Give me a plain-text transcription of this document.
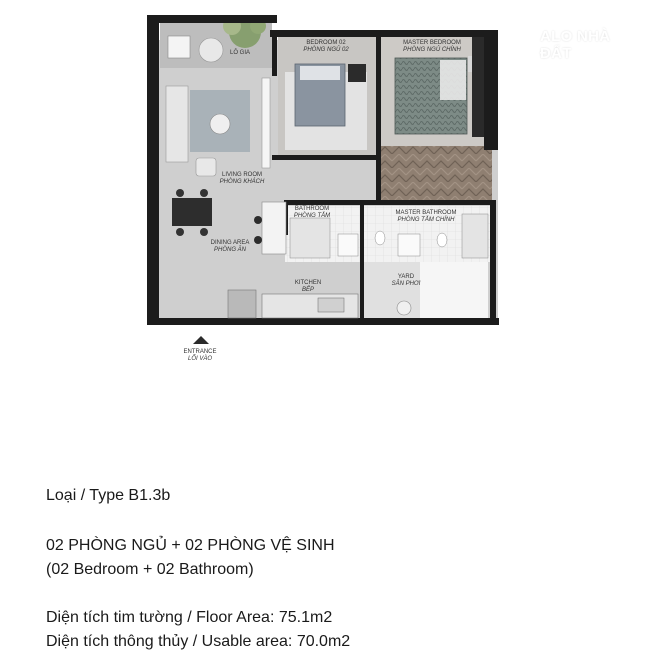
LÔ GIA
BEDROOM 02
PHÒNG NGỦ 02
MASTER BEDROOM
PHÒNG NGỦ CHÍNH
LIVING ROOM
PHÒNG KHÁCH
DINING AREA
PHÒNG ĂN
KITCHEN
BẾP
BATHROOM
PHÒNG TẮM	MASTER BATHROOM
PHÒNG TẮM CHÍNH
YARD
SÂN PHƠI
ENTRANCE
LỐI VÀO
ALO NHÀ ĐẤT	.com.vn
Loại / Type B1.3b
02 PHÒNG NGỦ + 02 PHÒNG VỆ SINH
(02 Bedroom + 02 Bathroom)
Diện tích tim tường / Floor Area: 75.1m2
Diện tích thông thủy / Usable area: 70.0m2
